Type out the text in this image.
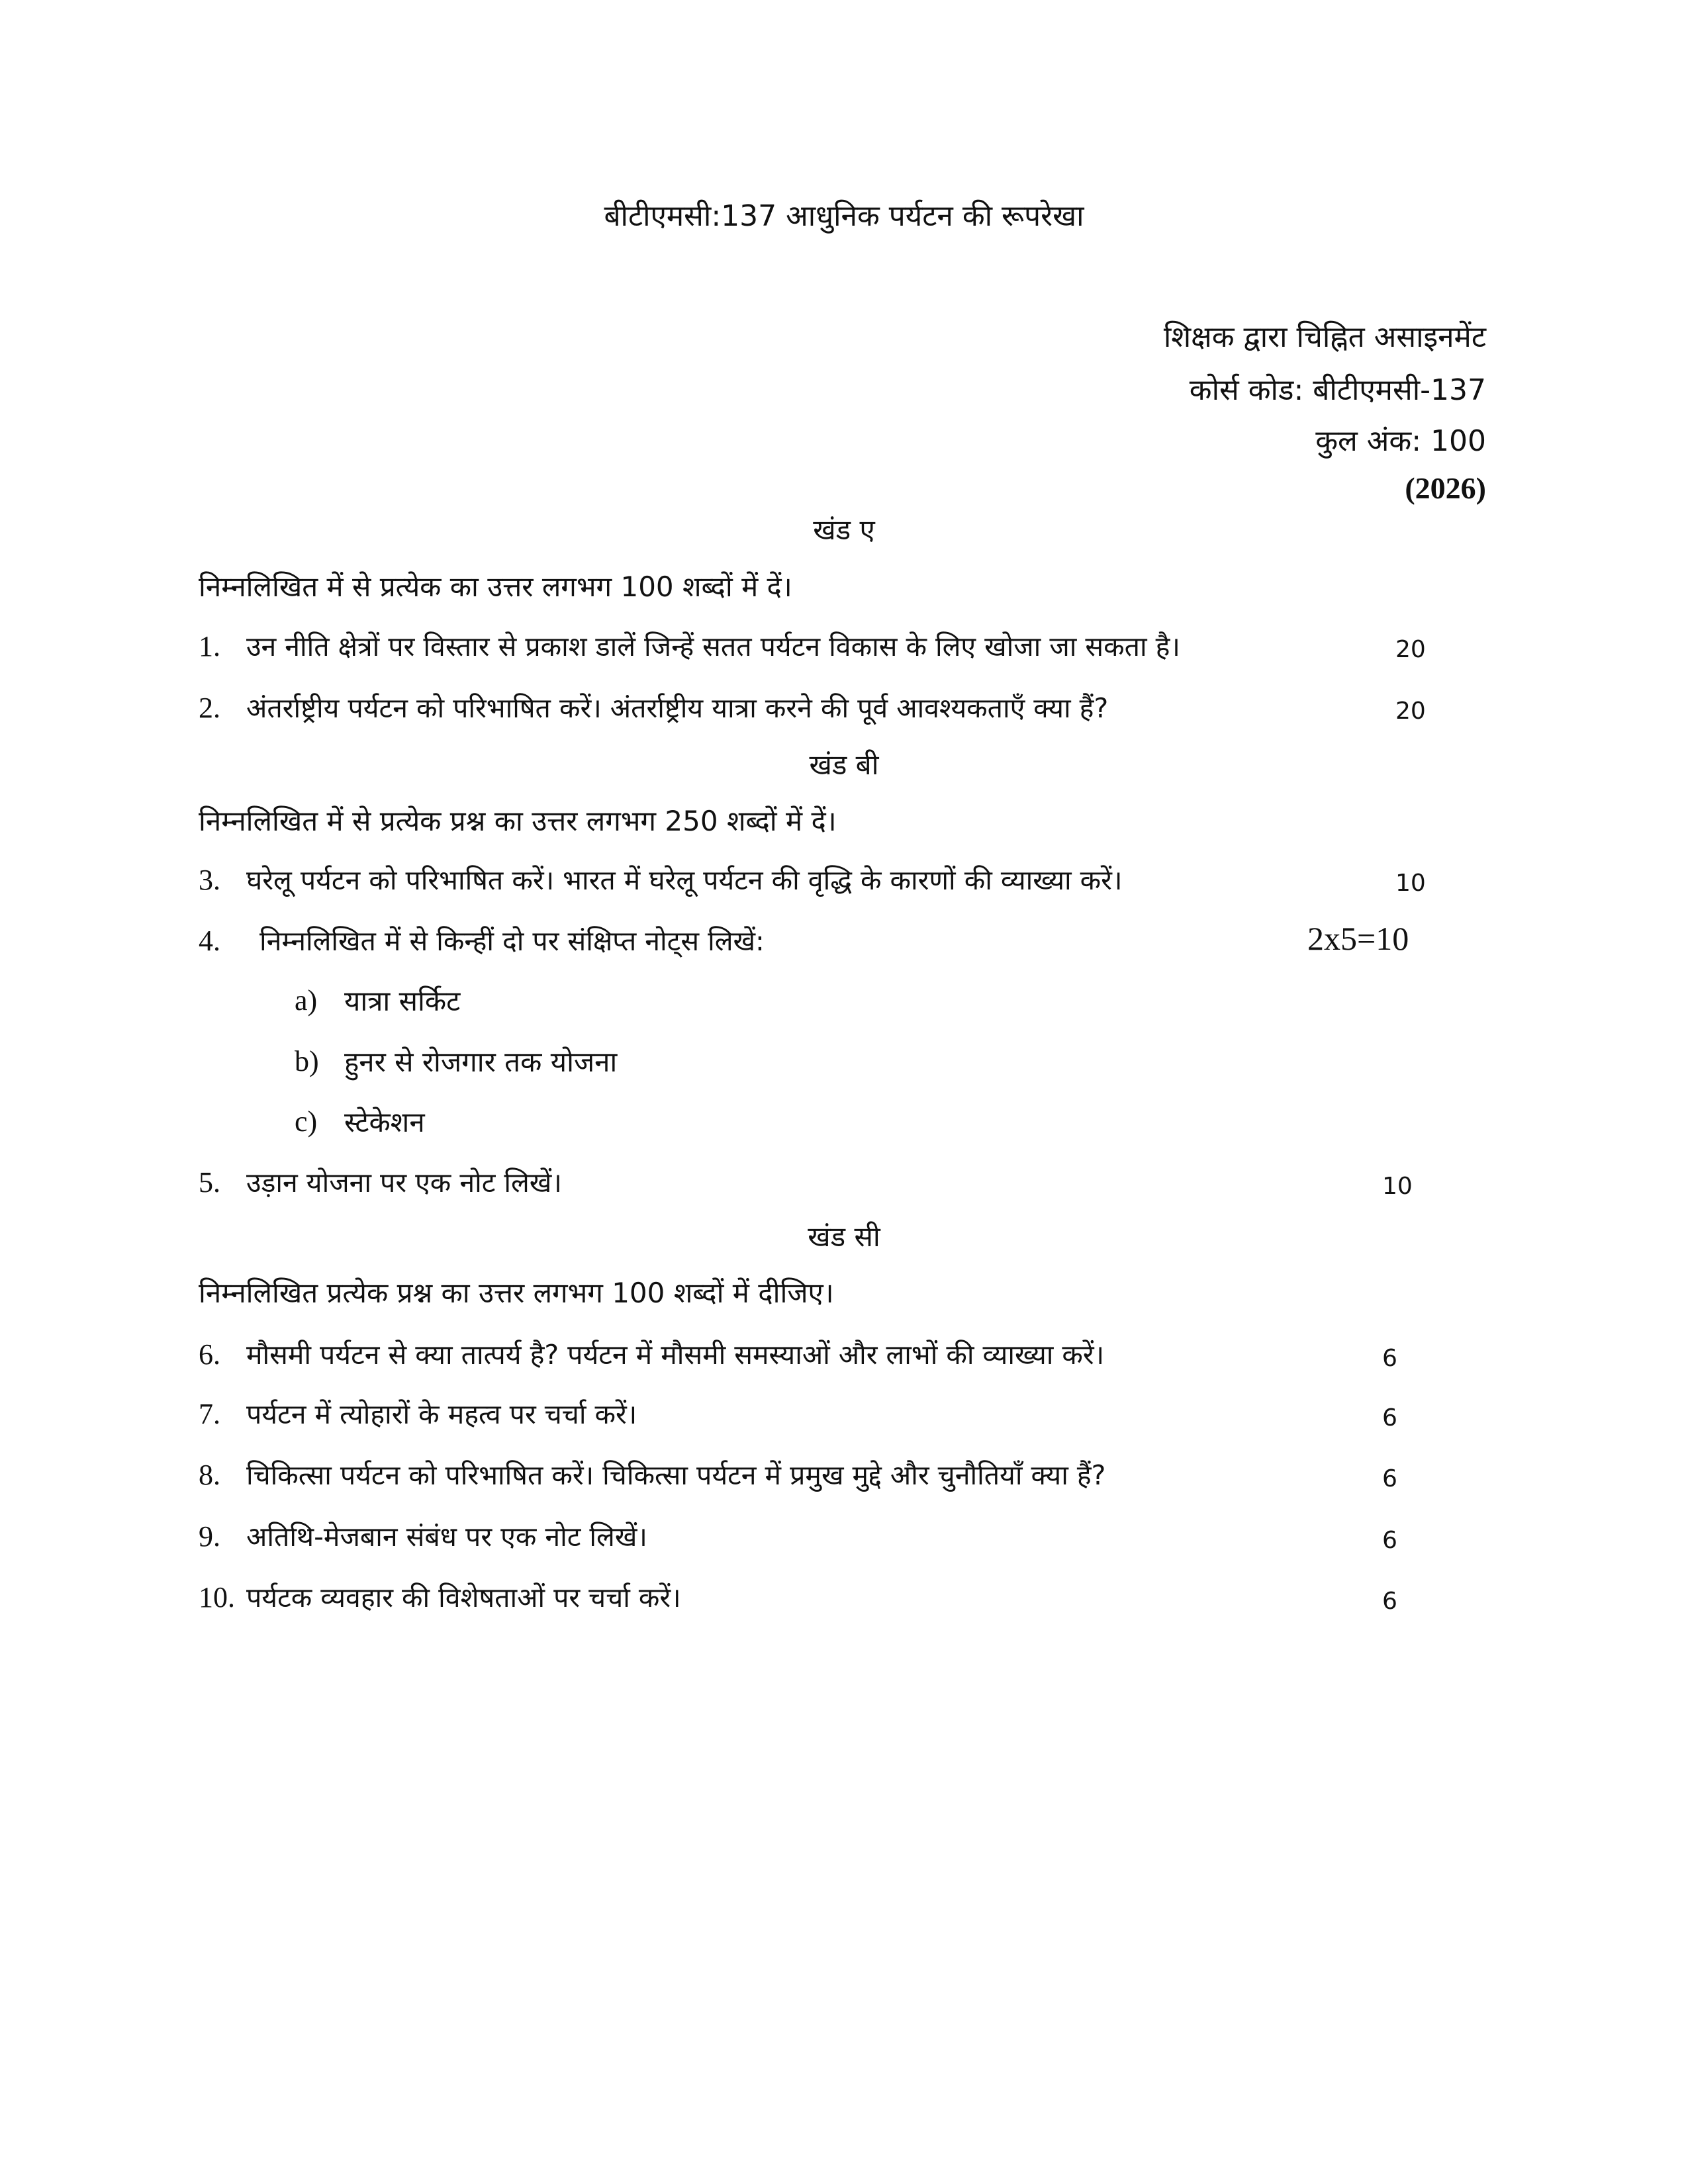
बीटीएमसी:137 आधुनिक पर्यटन की रूपरेखा
शिक्षक द्वारा चिह्नित असाइनमेंट
कोर्स कोड: बीटीएमसी-137
कुल अंक: 100
(2026)
खंड ए
निम्नलिखित में से प्रत्येक का उत्तर लगभग 100 शब्दों में दें।
1. उन नीति क्षेत्रों पर विस्तार से प्रकाश डालें जिन्हें सतत पर्यटन विकास के लिए खोजा जा सकता है।	20
2. अंतर्राष्ट्रीय पर्यटन को परिभाषित करें। अंतर्राष्ट्रीय यात्रा करने की पूर्व आवश्यकताएँ क्या हैं?	20
खंड बी
निम्नलिखित में से प्रत्येक प्रश्न का उत्तर लगभग 250 शब्दों में दें।
3. घरेलू पर्यटन को परिभाषित करें। भारत में घरेलू पर्यटन की वृद्धि के कारणों की व्याख्या करें।	10
4. निम्नलिखित में से किन्हीं दो पर संक्षिप्त नोट्स लिखें:	2x5=10
a) यात्रा सर्किट
b) हुनर से रोजगार तक योजना
c) स्टेकेशन
5. उड़ान योजना पर एक नोट लिखें।	10
खंड सी
निम्नलिखित प्रत्येक प्रश्न का उत्तर लगभग 100 शब्दों में दीजिए।
6. मौसमी पर्यटन से क्या तात्पर्य है? पर्यटन में मौसमी समस्याओं और लाभों की व्याख्या करें।	6
7. पर्यटन में त्योहारों के महत्व पर चर्चा करें।	6
8. चिकित्सा पर्यटन को परिभाषित करें। चिकित्सा पर्यटन में प्रमुख मुद्दे और चुनौतियाँ क्या हैं?	6
9. अतिथि-मेजबान संबंध पर एक नोट लिखें।	6
10. पर्यटक व्यवहार की विशेषताओं पर चर्चा करें।	6
